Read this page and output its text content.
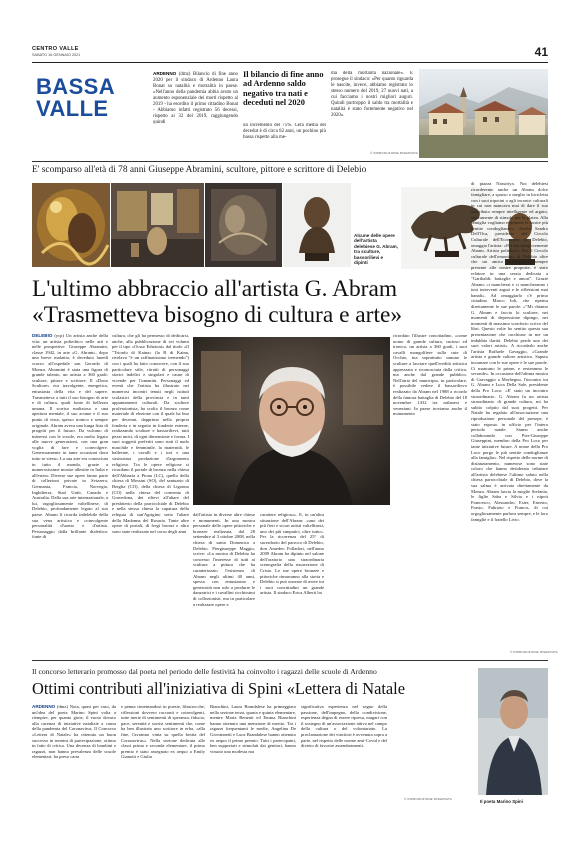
CENTRO VALLE
SABATO 16 GENNAIO 2021	41
BASSA
VALLE

ARDENNO (dmz) Bilancio di fine anno 2020 per il sindaco di Ardenno Laura Bonat su natalità e mortalità in paese. «Nell'anno della pandemia abbia avuto un aumento esponenziale dei morti rispetto al 2019 - ha esordito il primo cittadino Bonat - Abbiamo infatti registrato 56 decessi, rispetto ai 32 del 2019, raggiungendo quindi

Il bilancio di fine anno ad Ardenno saldo negativo tra nati e deceduti nel 2020

un incremento del 75%. Cera media dei decedut è di circa 82 anni, un pochino più bassa rispetto alla me-

dia della mortalità nazionale». E prosegue il sindaco: «Per quanto riguarda le nascite, invece, abbiamo registrato lo stesso numero del 2019, 27 nuovi nati, a cui facciamo i nostri migliori auguri. Quindi purtroppo il saldo tra mortalità e natalità è stato fortemente negativo nel 2020».

© RIPRODUZIONE RISERVATA
E' scomparso all'età di 78 anni Giuseppe Abramini, scultore, pittore e scrittore di Delebio
Alcune delle opere dell'artista delebiese G. Abram, tra sculture, bassorilievi e dipinti

di piazza Nassiriya. Noi delebiesi ricorderemo anche un Abram dolce famigliare, a spasso o meglio in bicicletta con i suoi nipotini o agli incontri culturali in cui non mancava mai di dare il suo contributo sempre intelligente ed arguto, sicuramente di stimolo per la platea. Alla famiglia vogliamo esprimere le nostre più sentite condoglianze». Anche Sandro Dell'Oca, presidente del Circolo Culturale dell'Ecomuseo di Delebio, omaggia l'artista: «Per noi semplicemente Abram. Artista poliedrico. Per il Circolo culturale dell'omonimo di Delebio oltre che un amico affezionato, sempre presente alle nostre proposte, è stato relatore in una serata dedicata a "Garibaldi: battaglie e amori". Grazie Abram: ci mancherai e ci mancheranno i tuoi interventi arguti e le riflessioni mai banali». Ad omaggiarlo c'è primo cittadino Marco Ioli, che ripensa direttamente le sue parole: «"Mi chiamo G. Abram e faccio lo scultore, nei momenti di depressione dipingo, nei momenti di massimo sconforto scrivo del libri. Questo volte ho sentito questa sua presentazione che racchiuse in me un indubbia ilarità. Delebio perde uno dei suoi valori artisti». A ricordarlo anche l'artista Raffaele Gavaggio, «Grande artista e grande cultore artistico. Saputo incarnare con le sue opere e le sue parole. Ci mancano le prime, e resteranno le seconde». In occasione dell'ultima mostra di Gravaggio a Morbegno, l'incontro tra G. Abram e Luca Della Sale, presidente della Pro Loco: «E' stato un incontro straordinario. G. Abram fu un artista straordinario di grande cultura, mi ha subito colpito dal suoi progetti. Per Natale ha regalato all'associazione una riproduzione personale del presepe, è stato esposto in ufficio per l'intero periodo natale. Siamo anche collaborando con Pier-Giuseppe Giuseppini, membro della Pro Loco per tante iniziative future. A nome della Pro Loco porgo le più sentite condoglianze alla famiglia». Nel rispetto delle norme di distanziamento, numerose sono state coloro che hanno desiderato tributare all'artista delebiese l'ultimo saluto nella chiesa parrocchiale di Delebio, dove la sua salma è arrivata direttamente da Monza. Abram lascia la moglie Stefania, le figlie Saba e Silvia e i nipoti Francesco, Alessandro, Ester, Ernesto, Frasto, Fabrizio e Francis, di cui orgogliosamente parlava sempre, e le loro famiglie e il fratello Livio.

L'ultimo abbraccio all'artista G. Abram
«Trasmetteva bisogno di cultura e arte»

DELEBIO (ycp) Un artista anche della vita: un artista poliedrico nelle arti e nelle prospettive. Giuseppe Abramini, classe 1942, in arte «G. Abram», dopo una breve malattia, è deceduto lunedì scorso all'ospedale san Gerardo di Monza. Abramini è stata una figura di grande talento, un artista a 360 gradi: scultore, pittore e scrittore. Il «Dono Scultore» era travolgente, energetica, entusiasta della vita e del sapere. Trasmetteva a tutti il suo bisogno di arte e di cultura, quali fonte di bellezza umana. Il sorriso malizioso e una apertura mentale, il suo acume e il suo punto di vista, spesso ironico e sempre originale. Abram aveva una lunga lista di progetti per il futuro. Da vulcano di interessi con le scuole, era molto legato alle nuove generazioni, con una gran voglia di fare e coinvolgere. Generosamente in tante occasioni dava tutto se stesso. La sua arte era conosciuta in tutto il mondo, grazie a numerosissime mostre allestite in Italia e all'estero. Diverse sue opere fanno parte di collezioni private in Svizzera, Germania, Francia, Norvegia, Inghilterra, Stati Uniti, Canada e Australia. Dalla sua arte internazionale, a lui, orgogliosamente valtellinese, di Delebio, profondamente legato al suo paese. Abram lì ricorda indelebile della sua vena artistica e coinvolgente personalità d'uomo e d'artista. Personaggio dalla brillante dialettica: fonte di

cultura, che gli ha permesso di dedicarsi, anche, alla pubblicazione di sei volumi per il tipo «Ocsur Edizioni» dal titolo «Il "Trionfo di Kaina» (la R di Kaina, rivelava "è un raffinatissimo tremendo") con i quali ha fatto conoscere, con il suo particolare stile, ritratti di personaggi storici indelici e singolari e cause di vicende per l'umanità. Personaggi ed eventi che l'artista ha illustrato nei numerosi incontri tenuti negli istituti scolastici della provincia e in tanti appuntamenti culturali. Da scultore professionista, ha scolto il bronzo come materiale di elezione con il quale ha buo per decenni, dapprima nella propria fonderia e in seguito in fonderie esterne, realizzando sculture e bassorilievi, tutti pezzi unici, di ogni dimensione e forma. I suoi soggetti preferiti sono stati il nudo maschile e femminile, la maternità, le ballerine, i cavalli e i tori e una vastissima produzione d'argomento religioso. Tra le opere religiose si ricordano il portale di bronzo nella chiesa dell'Abbazia a Piona (LC), quello della chiesa di Mossini (SO), del santuario di Berglia (CO), della chiesa di Ligonno (CO) nella chiesa del convento di Gravedona, dei rilievi all'altare del presbiterio della parrocchiale di Delebio e nella stessa chiesa la cupatura della reliquia di san'Agrigino sotto l'altare della Madonna del Rosario. Tante altre opere di portali, di fregi bronzi e altro sono state realizzate nel corso degli anni

dall'artista in diverse altre chiese e monumenti. In una mostra personale delle opere pittoriche e bronzee realizzata, dal 28 settembre al 3 ottobre 2008, nella chiesa di santa Domenica a Delebio. Piergiuseppe Maggio, scrive: «La mostra di Delebio ha concesso l'interesse di tutti ai scultura a pittura che ha caratterizzato l'esistenza di Abram negli ultimi 40 anni, spesso con entusiasmo e generosità non solo a produrre le danzatrici e i cavallini ricchissimi di collezionisti, ma in particolare a realizzare opere a

carattere religioso». E, in un'altra situazione dell'Abram: «uno dei più fieri e sicuri artisti valtellinesi, uno dei più simpatici, oltre tutto». Per la ricorrenza del 25° di sacerdozio del parroco di Delebio, don Amedeo Folladori, nell'anno 2009 Abram ha dipinto nel salone dell'oratorio una straordinaria scenografia della risurrezione di Cristo. Le sue opere bronzee e pittoriche rimarranno alla storia e Delebio si può onorare di avere tra i suoi concittadini un grande artista. Il sindaco Erica Alberti ha

ricordato l'illustre concittadino, «come uomo di grande cultura, curioso ed ironico, un artista a 360 gradi, i suoi cavalli mongolfiere sulla cute di Occhio, ma soprattutto sanuno le sculture a lasciare quell'eredità artistica apprezzata e riconosciuta dalla critica, ma anche dal grande pubblico. Nell'atrio del municipio, in particolare, è possibile vedere il bassorilievo realizzato da Abram nel 1988 a ricordo della famosa battaglia di Delebio del 18 novembre 1432 tra milanesi e veneziani. In paese troviamo anche il monumento

© RIPRODUZIONE RISERVATA
Il concorso letterario promosso dal poeta nel periodo delle festività ha coinvolto i ragazzi delle scuole di Ardenno
Ottimi contributi all'iniziativa di Spini «Lettera di Natale

ARDENNO (dmz) Nota, quasi per caso, da un'idea del poeta Marino Spini volta a riempire, per quanto gioie, il vuoto dovuto alla carenza di iniziative natalizie a causa della pandemia del Coronavirus. Il Concorso «Lettera di Natale» ha ottenuto un buon successo in termini di partecipazione, ottimo in fatto di critica. Una decenza di bambini e ragazzi, non hanno prevalenza delle scuole elementari, ha preso carta

e penna cimentandosi in poesie, filastrocche, riflessioni dovvero racconti e coinvolgenti, tutte inerie di sentimenti di speranza, fiducia, pace, serenità e sorrisi sentimenti che, come ha ben illustrato uno scrittore in erba, «alla fine, l'avranno vinta su quella bestia del Coronavirus». Nella sezione dedicata alle classi prima e seconda elementare, il primo premio è stato assegnato ex aequo a Emily Gianotti e Giulia

Bianchini, Laura Brandalese ha primeggiato nella sezione terza, quarta e quinta elementare, mentre Maria Benenti ed Emma Bianchini hanno ottenuto una menzione di merito. Tra i ragazzi frequentanti le medie, Angelina De Giovannetti e Luca Brandalese hanno ottenuto ex aequo il primo premio. Tutti i partecipanti, ben supportati e stimolati dai genitori, hanno vissuto una modesta ma

significativa esperienza nel segno della passione, dell'impegno, della condivisione, esperienza degna di essere ripresa, magari con il sostegno di un'associazione attiva nel campo della cultura o del volontariato. La proclamazione dei vincitori è avvenuta sopra a parte, nel rispetto delle norme anti-Covid e del divieto di favorire assembramenti.

© RIPRODUZIONE RISERVATA	Il poeta Marino Spini
